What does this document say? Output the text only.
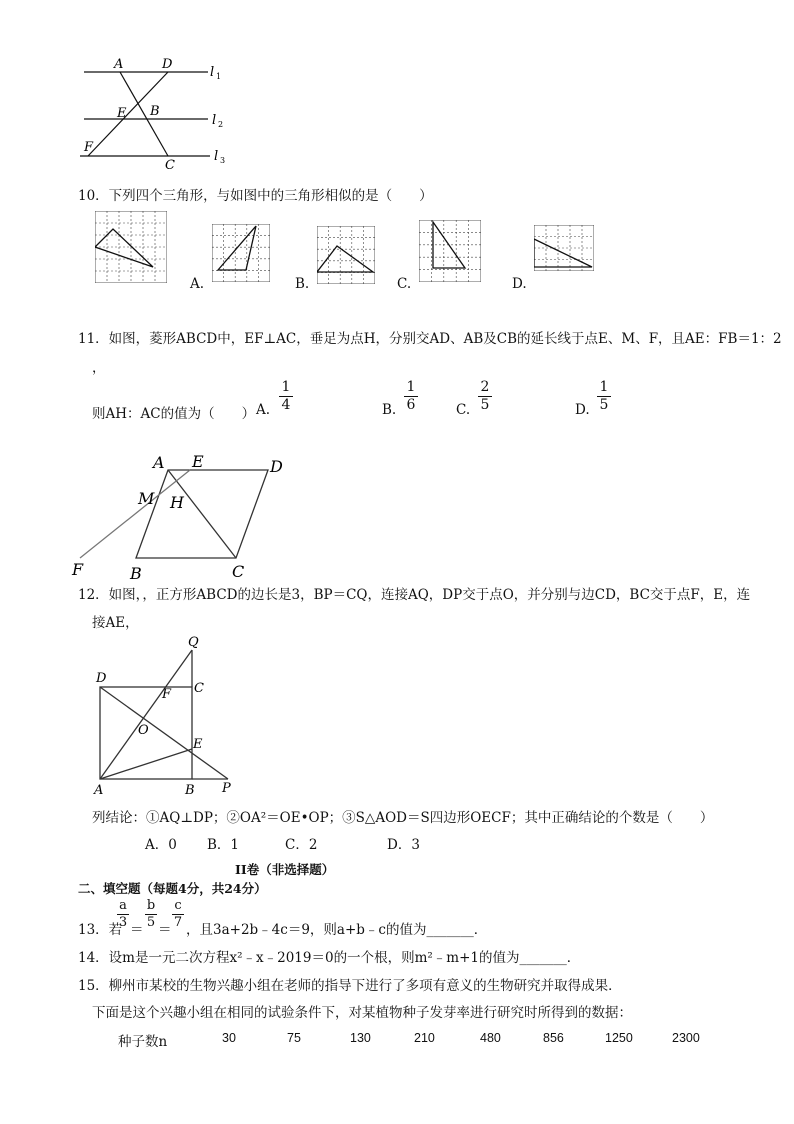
A	D
E B
F
C
l 1
l 2
l 3
10．下列四个三角形，与如图中的三角形相似的是（　　）
A.	B.	C.	D.
11．如图，菱形ABCD中，EF⊥AC，垂足为点H，分别交AD、AB及CB的延长线于点E、M、F，且AE：FB＝1：2
，
则AH：AC的值为（　　） A.
1
4	B.
1
6	C.
2
5	D.
1
5
A E	D
M H
F	B	C
12．如图，，正方形ABCD的边长是3，BP＝CQ，连接AQ，DP交于点O，并分别与边CD，BC交于点F，E，连
接AE，
Q
D
C
F
O
E
A	B P
列结论：①AQ⊥DP；②OA²＝OE•OP；③S△AOD＝S四边形OECF；其中正确结论的个数是（　　）
A．0 B．1	C．2	D．3
II卷（非选择题）
二、填空题（每题4分，共24分）
13．若
a
3 ＝
b
5 ＝
c
7 ，且3a+2b﹣4c＝9，则a+b﹣c的值为_______．
14．设m是一元二次方程x²﹣x﹣2019＝0的一个根，则m²﹣m+1的值为_______．
15．柳州市某校的生物兴趣小组在老师的指导下进行了多项有意义的生物研究并取得成果．
下面是这个兴趣小组在相同的试验条件下，对某植物种子发芽率进行研究时所得到的数据：
种子数n	30	75	130	210	480	856	1250	2300
